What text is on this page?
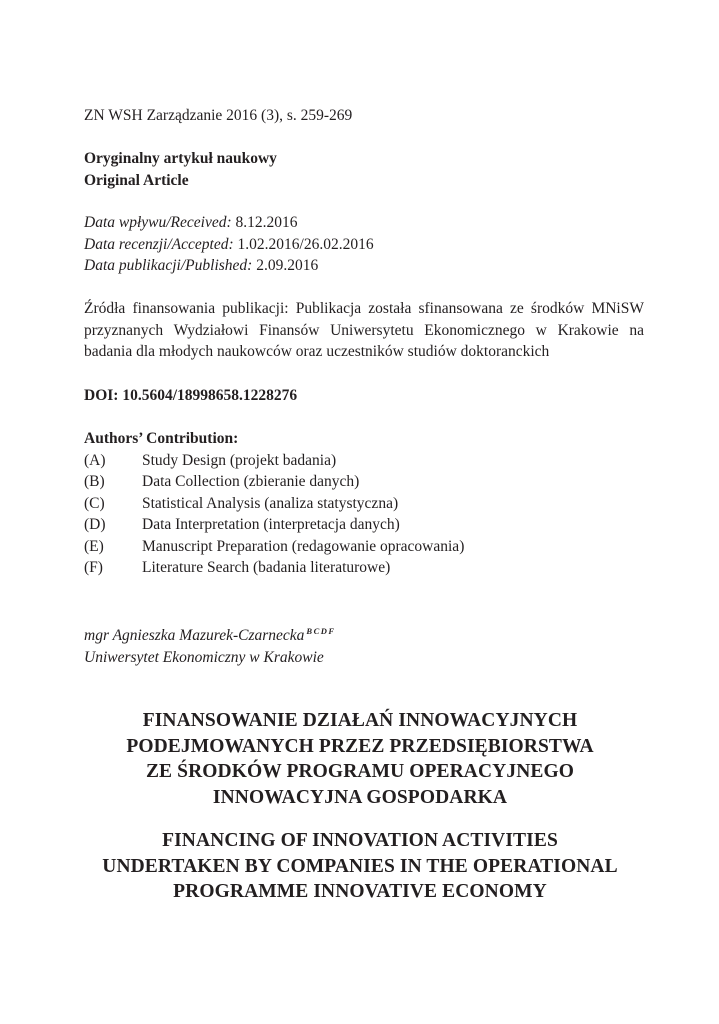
ZN WSH Zarządzanie 2016 (3), s. 259-269
Oryginalny artykuł naukowy
Original Article
Data wpływu/Received: 8.12.2016
Data recenzji/Accepted: 1.02.2016/26.02.2016
Data publikacji/Published: 2.09.2016
Źródła finansowania publikacji: Publikacja została sfinansowana ze środków MNiSW
przyznanych Wydziałowi Finansów Uniwersytetu Ekonomicznego w Krakowie na
badania dla młodych naukowców oraz uczestników studiów doktoranckich
DOI: 10.5604/18998658.1228276
Authors’ Contribution:
(A)	Study Design (projekt badania)
(B)	Data Collection (zbieranie danych)
(C)	Statistical Analysis (analiza statystyczna)
(D)	Data Interpretation (interpretacja danych)
(E)	Manuscript Preparation (redagowanie opracowania)
(F)	Literature Search (badania literaturowe)
mgr Agnieszka Mazurek-Czarnecka $^{BCDF}$
Uniwersytet Ekonomiczny w Krakowie
FINANSOWANIE DZIAŁAŃ INNOWACYJNYCH
PODEJMOWANYCH PRZEZ PRZEDSIĘBIORSTWA
ZE ŚRODKÓW PROGRAMU OPERACYJNEGO
INNOWACYJNA GOSPODARKA
FINANCING OF INNOVATION ACTIVITIES
UNDERTAKEN BY COMPANIES IN THE OPERATIONAL
PROGRAMME INNOVATIVE ECONOMY
